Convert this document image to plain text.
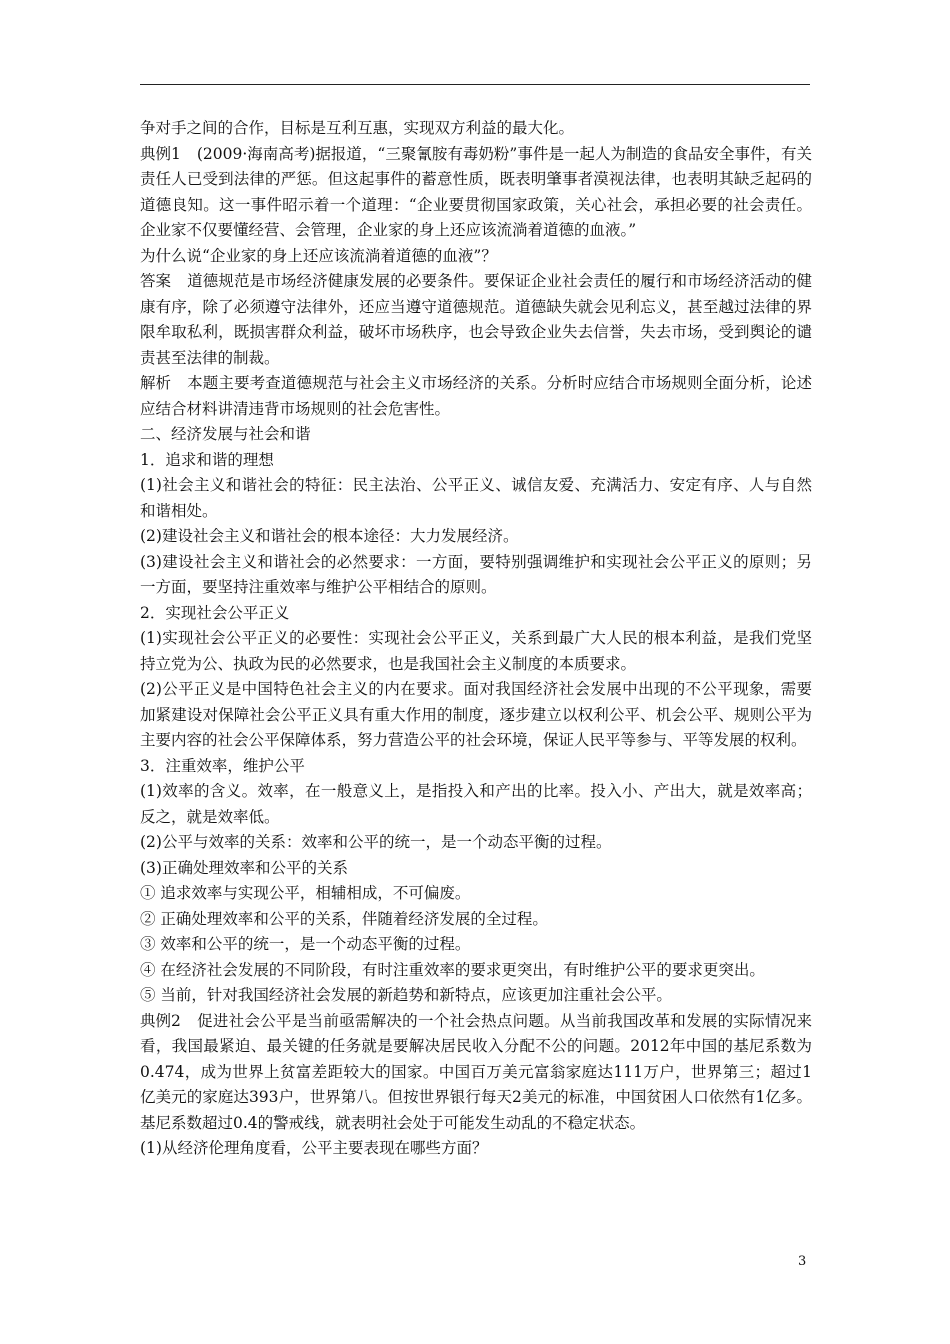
争对手之间的合作，目标是互利互惠，实现双方利益的最大化。

典例1 (2009·海南高考)据报道，“三聚氰胺有毒奶粉”事件是一起人为制造的食品安全事件，有关责任人已受到法律的严惩。但这起事件的蓄意性质，既表明肇事者漠视法律，也表明其缺乏起码的道德良知。这一事件昭示着一个道理：“企业要贯彻国家政策，关心社会，承担必要的社会责任。企业家不仅要懂经营、会管理，企业家的身上还应该流淌着道德的血液。”

为什么说“企业家的身上还应该流淌着道德的血液”？

答案 道德规范是市场经济健康发展的必要条件。要保证企业社会责任的履行和市场经济活动的健康有序，除了必须遵守法律外，还应当遵守道德规范。道德缺失就会见利忘义，甚至越过法律的界限牟取私利，既损害群众利益，破坏市场秩序，也会导致企业失去信誉，失去市场，受到舆论的谴责甚至法律的制裁。

解析 本题主要考查道德规范与社会主义市场经济的关系。分析时应结合市场规则全面分析，论述应结合材料讲清违背市场规则的社会危害性。

二、经济发展与社会和谐

1．追求和谐的理想

(1)社会主义和谐社会的特征：民主法治、公平正义、诚信友爱、充满活力、安定有序、人与自然和谐相处。

(2)建设社会主义和谐社会的根本途径：大力发展经济。

(3)建设社会主义和谐社会的必然要求：一方面，要特别强调维护和实现社会公平正义的原则；另一方面，要坚持注重效率与维护公平相结合的原则。

2．实现社会公平正义

(1)实现社会公平正义的必要性：实现社会公平正义，关系到最广大人民的根本利益，是我们党坚持立党为公、执政为民的必然要求，也是我国社会主义制度的本质要求。

(2)公平正义是中国特色社会主义的内在要求。面对我国经济社会发展中出现的不公平现象，需要加紧建设对保障社会公平正义具有重大作用的制度，逐步建立以权利公平、机会公平、规则公平为主要内容的社会公平保障体系，努力营造公平的社会环境，保证人民平等参与、平等发展的权利。

3．注重效率，维护公平

(1)效率的含义。效率，在一般意义上，是指投入和产出的比率。投入小、产出大，就是效率高；反之，就是效率低。

(2)公平与效率的关系：效率和公平的统一，是一个动态平衡的过程。

(3)正确处理效率和公平的关系

① 追求效率与实现公平，相辅相成，不可偏废。

② 正确处理效率和公平的关系，伴随着经济发展的全过程。

③ 效率和公平的统一，是一个动态平衡的过程。

④ 在经济社会发展的不同阶段，有时注重效率的要求更突出，有时维护公平的要求更突出。

⑤ 当前，针对我国经济社会发展的新趋势和新特点，应该更加注重社会公平。

典例2 促进社会公平是当前亟需解决的一个社会热点问题。从当前我国改革和发展的实际情况来看，我国最紧迫、最关键的任务就是要解决居民收入分配不公的问题。2012年中国的基尼系数为0.474，成为世界上贫富差距较大的国家。中国百万美元富翁家庭达111万户，世界第三；超过1亿美元的家庭达393户，世界第八。但按世界银行每天2美元的标准，中国贫困人口依然有1亿多。基尼系数超过0.4的警戒线，就表明社会处于可能发生动乱的不稳定状态。

(1)从经济伦理角度看，公平主要表现在哪些方面？

3
